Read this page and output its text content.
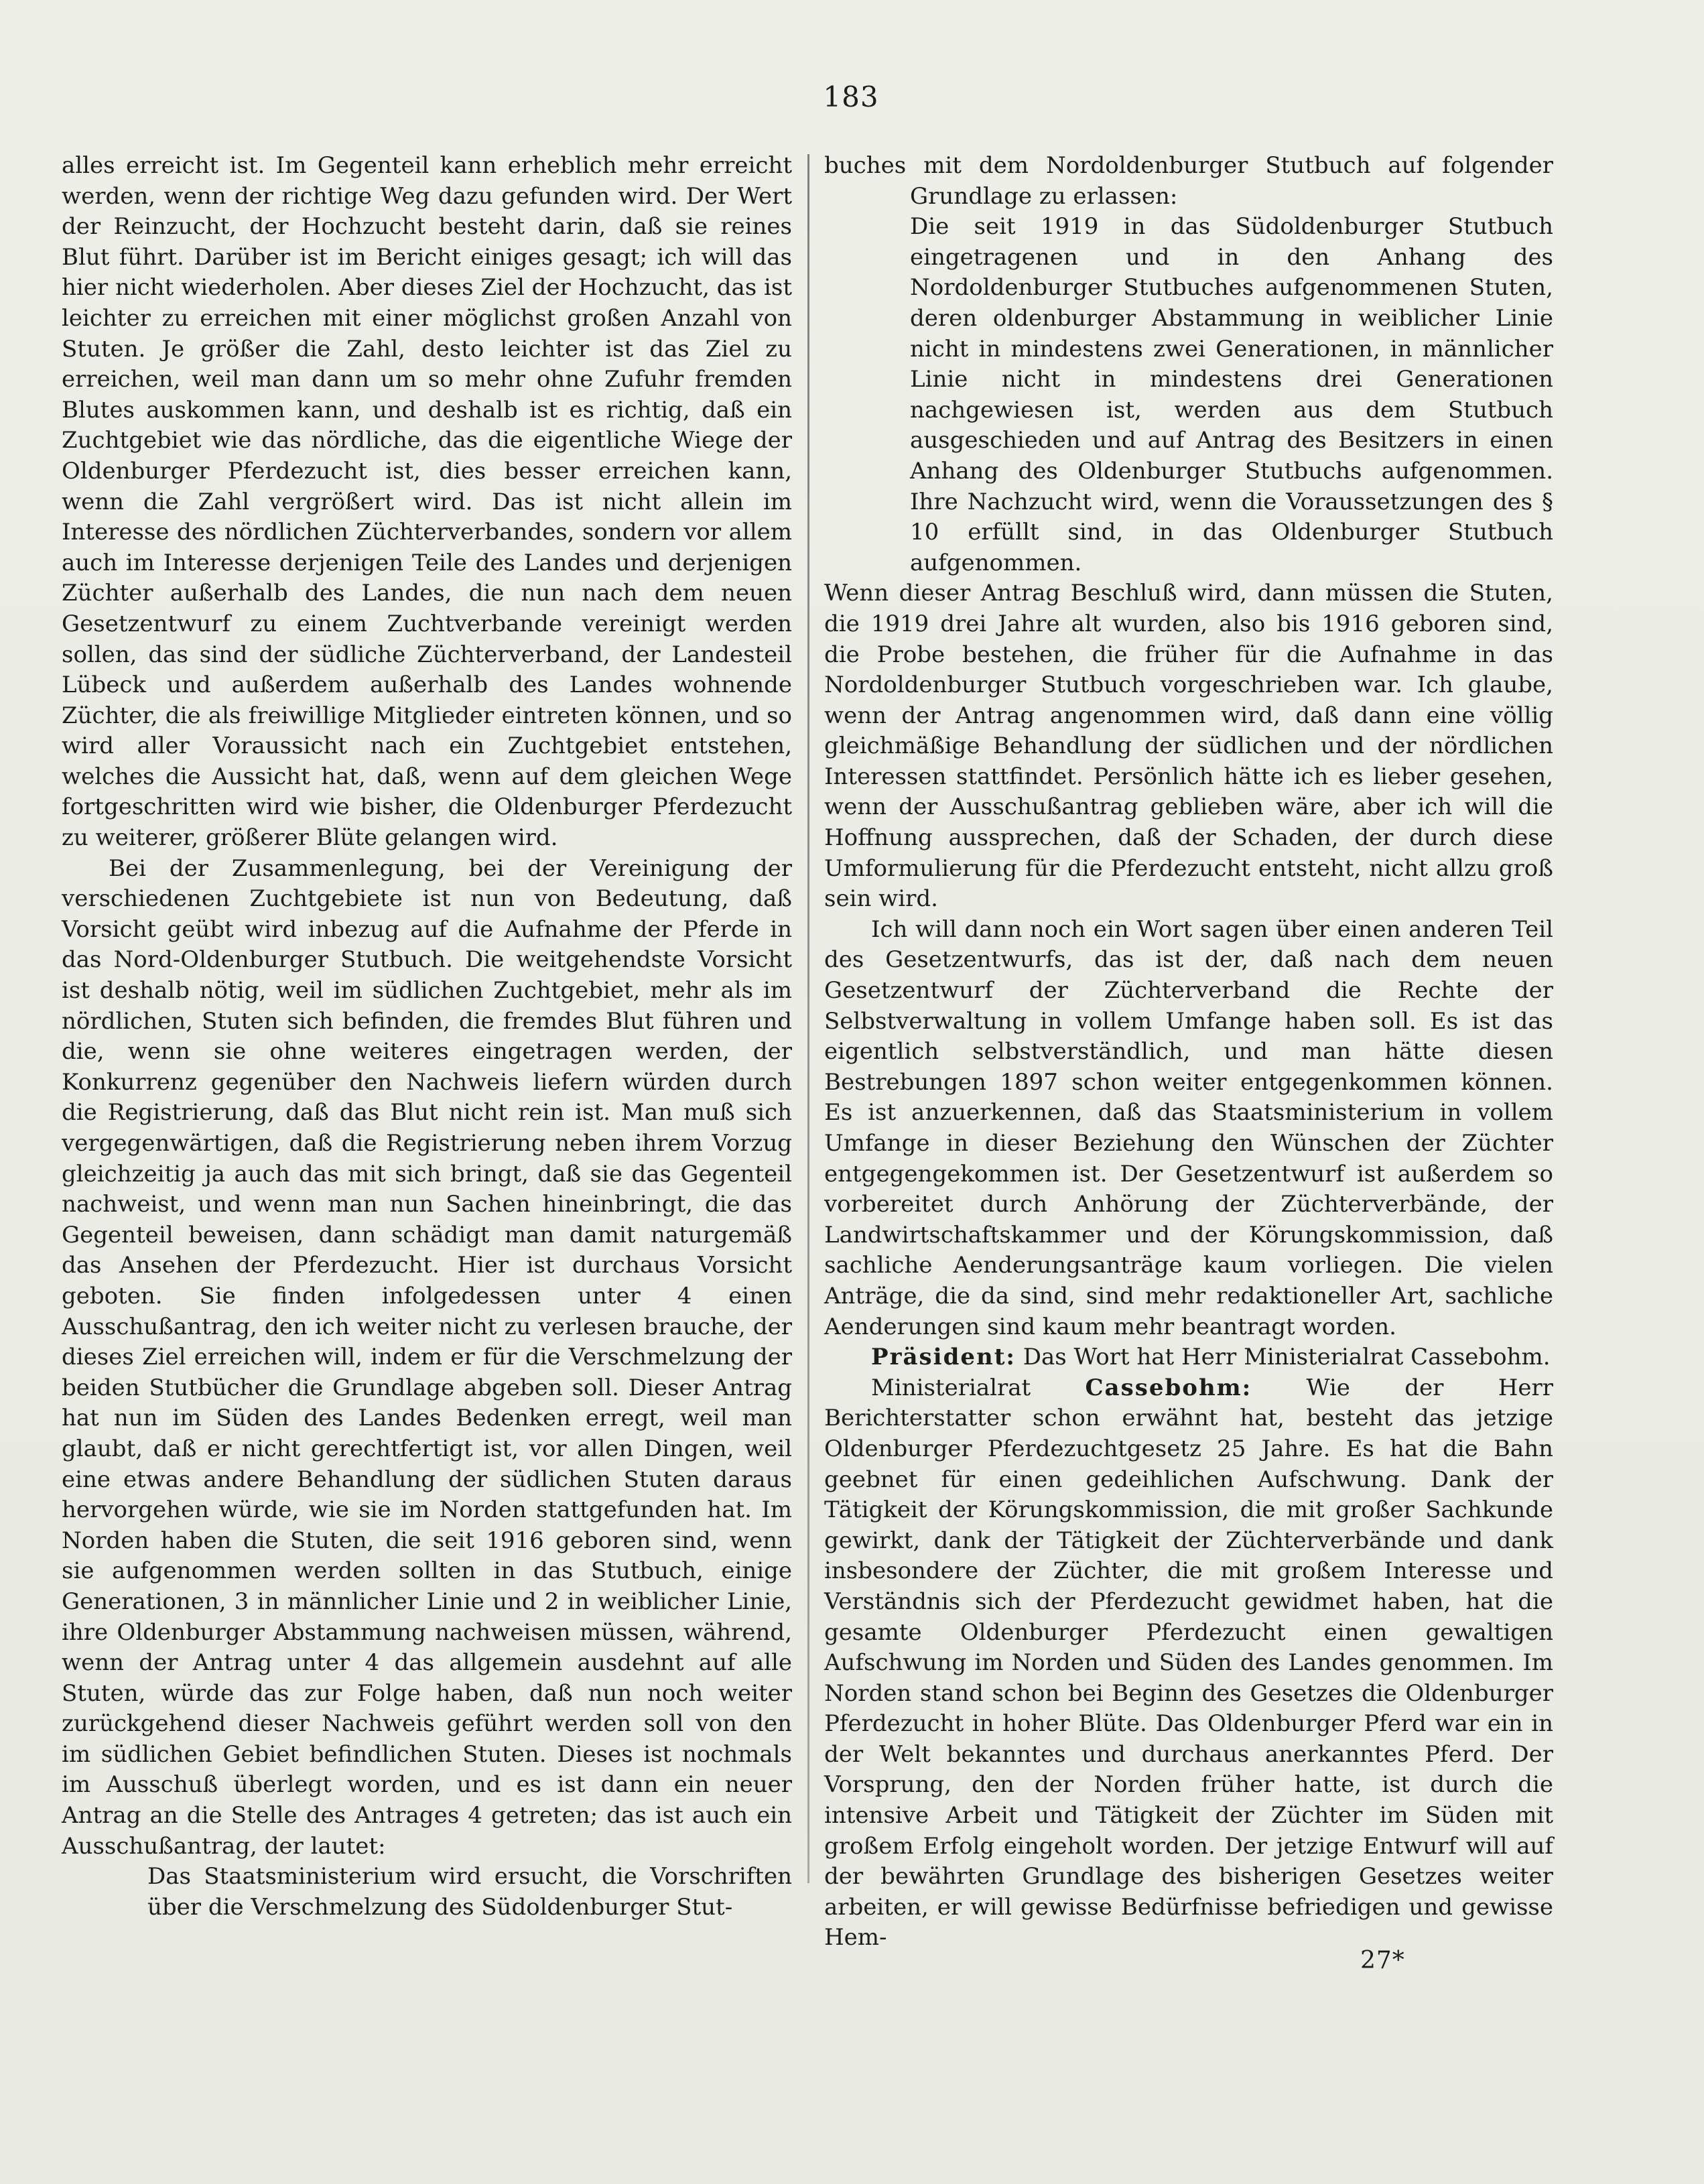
183

alles erreicht ist. Im Gegenteil kann erheblich mehr erreicht werden, wenn der richtige Weg dazu gefunden wird. Der Wert der Reinzucht, der Hochzucht besteht darin, daß sie reines Blut führt. Darüber ist im Bericht einiges gesagt; ich will das hier nicht wiederholen. Aber dieses Ziel der Hochzucht, das ist leichter zu erreichen mit einer möglichst großen Anzahl von Stuten. Je größer die Zahl, desto leichter ist das Ziel zu erreichen, weil man dann um so mehr ohne Zufuhr fremden Blutes auskommen kann, und deshalb ist es richtig, daß ein Zuchtgebiet wie das nördliche, das die eigentliche Wiege der Oldenburger Pferdezucht ist, dies besser erreichen kann, wenn die Zahl vergrößert wird. Das ist nicht allein im Interesse des nördlichen Züchterverbandes, sondern vor allem auch im Interesse derjenigen Teile des Landes und derjenigen Züchter außerhalb des Landes, die nun nach dem neuen Gesetzentwurf zu einem Zuchtverbande vereinigt werden sollen, das sind der südliche Züchterverband, der Landesteil Lübeck und außerdem außerhalb des Landes wohnende Züchter, die als freiwillige Mitglieder eintreten können, und so wird aller Voraussicht nach ein Zuchtgebiet entstehen, welches die Aussicht hat, daß, wenn auf dem gleichen Wege fortgeschritten wird wie bisher, die Oldenburger Pferdezucht zu weiterer, größerer Blüte gelangen wird.

Bei der Zusammenlegung, bei der Vereinigung der verschiedenen Zuchtgebiete ist nun von Bedeutung, daß Vorsicht geübt wird inbezug auf die Aufnahme der Pferde in das Nord-Oldenburger Stutbuch. Die weitgehendste Vorsicht ist deshalb nötig, weil im südlichen Zuchtgebiet, mehr als im nördlichen, Stuten sich befinden, die fremdes Blut führen und die, wenn sie ohne weiteres eingetragen werden, der Konkurrenz gegenüber den Nachweis liefern würden durch die Registrierung, daß das Blut nicht rein ist. Man muß sich vergegenwärtigen, daß die Registrierung neben ihrem Vorzug gleichzeitig ja auch das mit sich bringt, daß sie das Gegenteil nachweist, und wenn man nun Sachen hineinbringt, die das Gegenteil beweisen, dann schädigt man damit naturgemäß das Ansehen der Pferdezucht. Hier ist durchaus Vorsicht geboten. Sie finden infolgedessen unter 4 einen Ausschußantrag, den ich weiter nicht zu verlesen brauche, der dieses Ziel erreichen will, indem er für die Verschmelzung der beiden Stutbücher die Grundlage abgeben soll. Dieser Antrag hat nun im Süden des Landes Bedenken erregt, weil man glaubt, daß er nicht gerechtfertigt ist, vor allen Dingen, weil eine etwas andere Behandlung der südlichen Stuten daraus hervorgehen würde, wie sie im Norden stattgefunden hat. Im Norden haben die Stuten, die seit 1916 geboren sind, wenn sie aufgenommen werden sollten in das Stutbuch, einige Generationen, 3 in männlicher Linie und 2 in weiblicher Linie, ihre Oldenburger Abstammung nachweisen müssen, während, wenn der Antrag unter 4 das allgemein ausdehnt auf alle Stuten, würde das zur Folge haben, daß nun noch weiter zurückgehend dieser Nachweis geführt werden soll von den im südlichen Gebiet befindlichen Stuten. Dieses ist nochmals im Ausschuß überlegt worden, und es ist dann ein neuer Antrag an die Stelle des Antrages 4 getreten; das ist auch ein Ausschußantrag, der lautet:

Das Staatsministerium wird ersucht, die Vorschriften über die Verschmelzung des Südoldenburger Stut-

buches mit dem Nordoldenburger Stutbuch auf folgender Grundlage zu erlassen:

Die seit 1919 in das Südoldenburger Stutbuch eingetragenen und in den Anhang des Nordoldenburger Stutbuches aufgenommenen Stuten, deren oldenburger Abstammung in weiblicher Linie nicht in mindestens zwei Generationen, in männlicher Linie nicht in mindestens drei Generationen nachgewiesen ist, werden aus dem Stutbuch ausgeschieden und auf Antrag des Besitzers in einen Anhang des Oldenburger Stutbuchs aufgenommen. Ihre Nachzucht wird, wenn die Voraussetzungen des § 10 erfüllt sind, in das Oldenburger Stutbuch aufgenommen.

Wenn dieser Antrag Beschluß wird, dann müssen die Stuten, die 1919 drei Jahre alt wurden, also bis 1916 geboren sind, die Probe bestehen, die früher für die Aufnahme in das Nordoldenburger Stutbuch vorgeschrieben war. Ich glaube, wenn der Antrag angenommen wird, daß dann eine völlig gleichmäßige Behandlung der südlichen und der nördlichen Interessen stattfindet. Persönlich hätte ich es lieber gesehen, wenn der Ausschußantrag geblieben wäre, aber ich will die Hoffnung aussprechen, daß der Schaden, der durch diese Umformulierung für die Pferdezucht entsteht, nicht allzu groß sein wird.

Ich will dann noch ein Wort sagen über einen anderen Teil des Gesetzentwurfs, das ist der, daß nach dem neuen Gesetzentwurf der Züchterverband die Rechte der Selbstverwaltung in vollem Umfange haben soll. Es ist das eigentlich selbstverständlich, und man hätte diesen Bestrebungen 1897 schon weiter entgegenkommen können. Es ist anzuerkennen, daß das Staatsministerium in vollem Umfange in dieser Beziehung den Wünschen der Züchter entgegengekommen ist. Der Gesetzentwurf ist außerdem so vorbereitet durch Anhörung der Züchterverbände, der Landwirtschaftskammer und der Körungskommission, daß sachliche Aenderungsanträge kaum vorliegen. Die vielen Anträge, die da sind, sind mehr redaktioneller Art, sachliche Aenderungen sind kaum mehr beantragt worden.

Präsident: Das Wort hat Herr Ministerialrat Cassebohm.

Ministerialrat Cassebohm: Wie der Herr Berichterstatter schon erwähnt hat, besteht das jetzige Oldenburger Pferdezuchtgesetz 25 Jahre. Es hat die Bahn geebnet für einen gedeihlichen Aufschwung. Dank der Tätigkeit der Körungskommission, die mit großer Sachkunde gewirkt, dank der Tätigkeit der Züchterverbände und dank insbesondere der Züchter, die mit großem Interesse und Verständnis sich der Pferdezucht gewidmet haben, hat die gesamte Oldenburger Pferdezucht einen gewaltigen Aufschwung im Norden und Süden des Landes genommen. Im Norden stand schon bei Beginn des Gesetzes die Oldenburger Pferdezucht in hoher Blüte. Das Oldenburger Pferd war ein in der Welt bekanntes und durchaus anerkanntes Pferd. Der Vorsprung, den der Norden früher hatte, ist durch die intensive Arbeit und Tätigkeit der Züchter im Süden mit großem Erfolg eingeholt worden. Der jetzige Entwurf will auf der bewährten Grundlage des bisherigen Gesetzes weiter arbeiten, er will gewisse Bedürfnisse befriedigen und gewisse Hem-

27*
